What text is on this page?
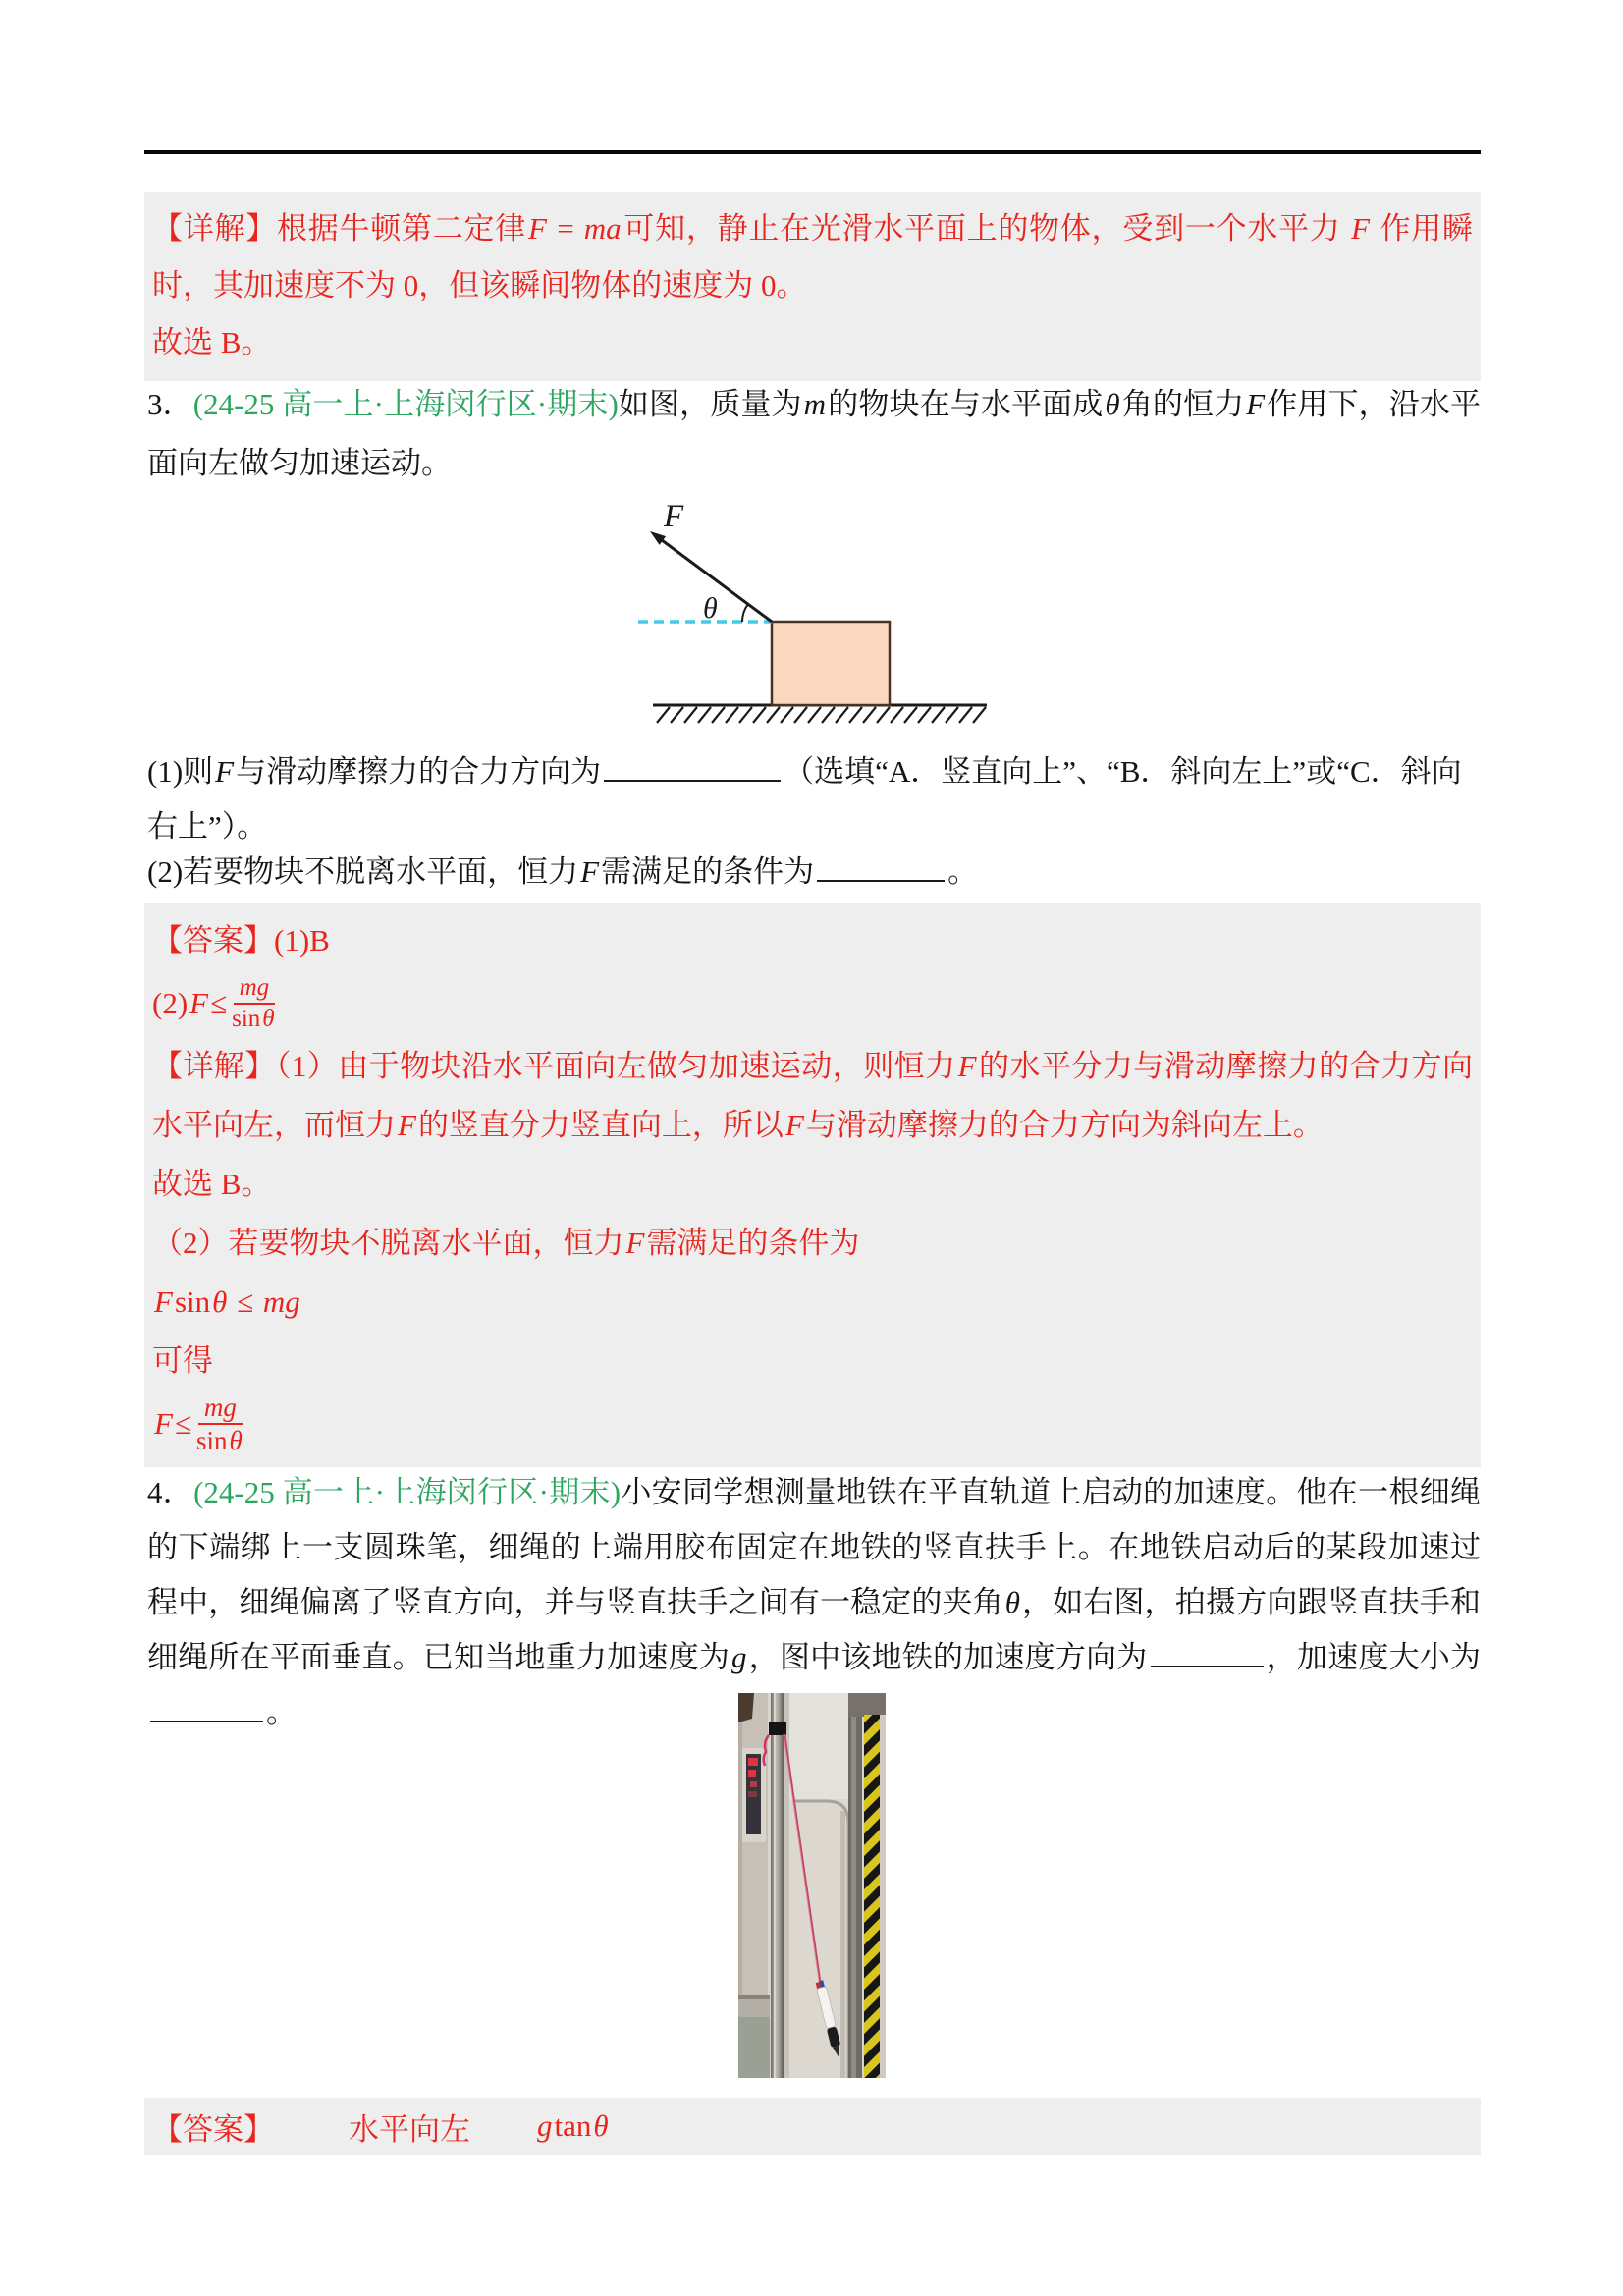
【详解】根据牛顿第二定律F = ma可知，静止在光滑水平面上的物体，受到一个水平力 F 作用瞬时，其加速度不为 0，但该瞬间物体的速度为 0。
故选 B。
3．(24-25 高一上·上海闵行区·期末)如图，质量为m的物块在与水平面成θ角的恒力F作用下，沿水平面向左做匀加速运动。
F
θ
(1)则F与滑动摩擦力的合力方向为	（选填“A．竖直向上”、“B．斜向左上”或“C．斜向右上”）。
(2)若要物块不脱离水平面，恒力F需满足的条件为	。
【答案】(1)B
(2) $F \le \frac{mg}{\sin\theta}$
【详解】（1）由于物块沿水平面向左做匀加速运动，则恒力F的水平分力与滑动摩擦力的合力方向水平向左，而恒力F的竖直分力竖直向上，所以F与滑动摩擦力的合力方向为斜向左上。
故选 B。
（2）若要物块不脱离水平面，恒力F需满足的条件为
Fsinθ ≤ mg
可得
$F \le \frac{mg}{\sin\theta}$
4．(24-25 高一上·上海闵行区·期末)小安同学想测量地铁在平直轨道上启动的加速度。他在一根细绳的下端绑上一支圆珠笔，细绳的上端用胶布固定在地铁的竖直扶手上。在地铁启动后的某段加速过程中，细绳偏离了竖直方向，并与竖直扶手之间有一稳定的夹角θ，如右图，拍摄方向跟竖直扶手和细绳所在平面垂直。已知当地重力加速度为g，图中该地铁的加速度方向为	，加速度大小为。
【答案】 水平向左 gtanθ
